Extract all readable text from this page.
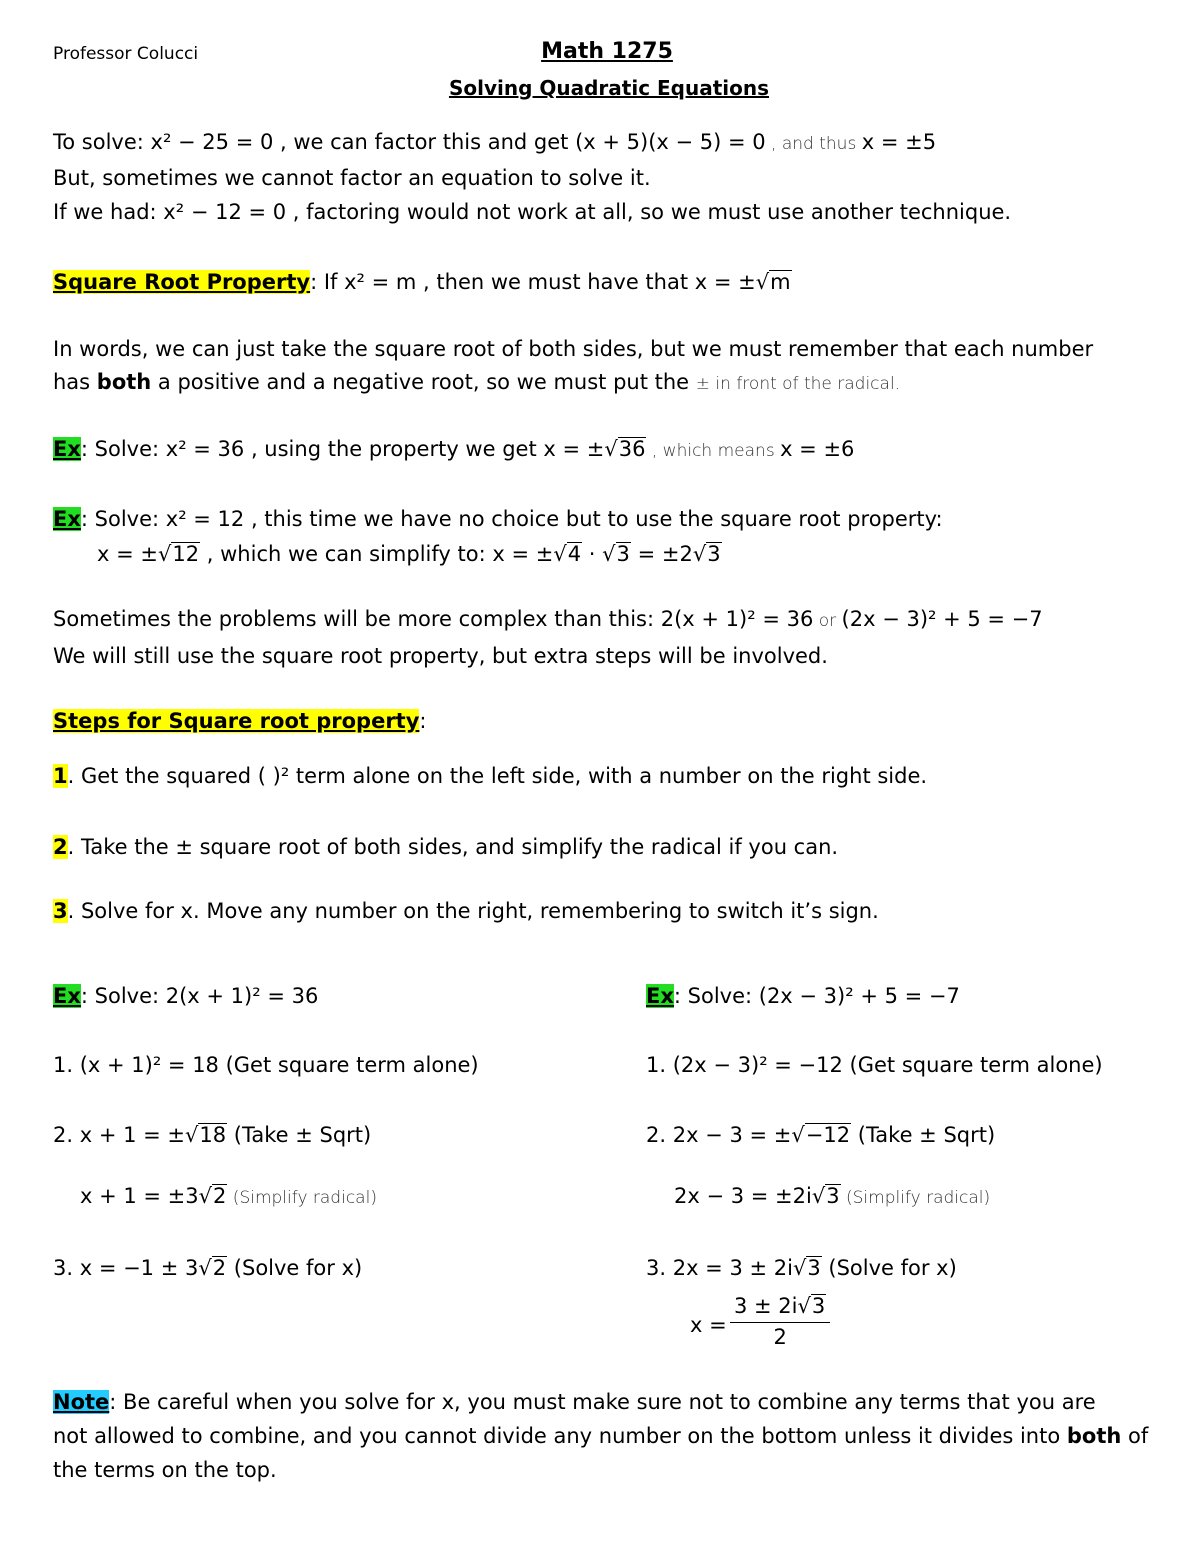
Professor Colucci	Math 1275
Solving Quadratic Equations
To solve: x² − 25 = 0 , we can factor this and get (x + 5)(x − 5) = 0 , and thus x = ±5
But, sometimes we cannot factor an equation to solve it.
If we had: x² − 12 = 0 , factoring would not work at all, so we must use another technique.
Square Root Property: If x² = m , then we must have that x = ±√m
In words, we can just take the square root of both sides, but we must remember that each number
has both a positive and a negative root, so we must put the ± in front of the radical.
Ex: Solve: x² = 36 , using the property we get x = ±√36 , which means x = ±6
Ex: Solve: x² = 12 , this time we have no choice but to use the square root property:
x = ±√12 , which we can simplify to: x = ±√4 · √3 = ±2√3
Sometimes the problems will be more complex than this: 2(x + 1)² = 36 or (2x − 3)² + 5 = −7
We will still use the square root property, but extra steps will be involved.
Steps for Square root property:
1. Get the squared ( )² term alone on the left side, with a number on the right side.
2. Take the ± square root of both sides, and simplify the radical if you can.
3. Solve for x. Move any number on the right, remembering to switch it’s sign.
Ex: Solve: 2(x + 1)² = 36
1. (x + 1)² = 18 (Get square term alone)
2. x + 1 = ±√18 (Take ± Sqrt)
x + 1 = ±3√2 (Simplify radical)
3. x = −1 ± 3√2 (Solve for x)
Ex: Solve: (2x − 3)² + 5 = −7
1. (2x − 3)² = −12 (Get square term alone)
2. 2x − 3 = ±√−12 (Take ± Sqrt)
2x − 3 = ±2i√3 (Simplify radical)
3. 2x = 3 ± 2i√3 (Solve for x)
$x = \frac{3 \pm 2i√3}{2}$
Note: Be careful when you solve for x, you must make sure not to combine any terms that you are
not allowed to combine, and you cannot divide any number on the bottom unless it divides into both of
the terms on the top.
